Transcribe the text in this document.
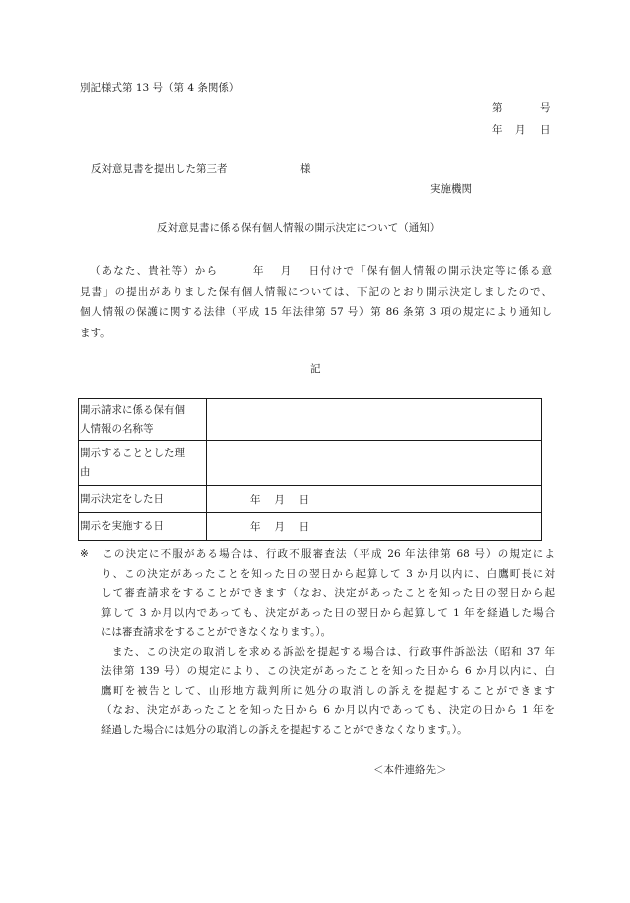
別記様式第 13 号（第 4 条関係）
第	号
年 月 日
反対意見書を提出した第三者	様
実施機関
反対意見書に係る保有個人情報の開示決定について（通知）
（あなた、貴社等）から　　　年　 月　 日付けで「保有個人情報の開示決定等に係る意
見書」の提出がありました保有個人情報については、下記のとおり開示決定しましたので、
個人情報の保護に関する法律（平成 15 年法律第 57 号）第 86 条第 3 項の規定により通知し
ます。
記
開示請求に係る保有個
人情報の名称等	

開示することとした理
由	

開示決定をした日	年　 月　 日

開示を実施する日	年　 月　 日
※ この決定に不服がある場合は、行政不服審査法（平成 26 年法律第 68 号）の規定によ
り、この決定があったことを知った日の翌日から起算して 3 か月以内に、白鷹町長に対
して審査請求をすることができます（なお、決定があったことを知った日の翌日から起
算して 3 か月以内であっても、決定があった日の翌日から起算して 1 年を経過した場合
には審査請求をすることができなくなります。）。
また、この決定の取消しを求める訴訟を提起する場合は、行政事件訴訟法（昭和 37 年
法律第 139 号）の規定により、この決定があったことを知った日から 6 か月以内に、白
鷹町を被告として、山形地方裁判所に処分の取消しの訴えを提起することができます
（なお、決定があったことを知った日から 6 か月以内であっても、決定の日から 1 年を
経過した場合には処分の取消しの訴えを提起することができなくなります。）。
＜本件連絡先＞
